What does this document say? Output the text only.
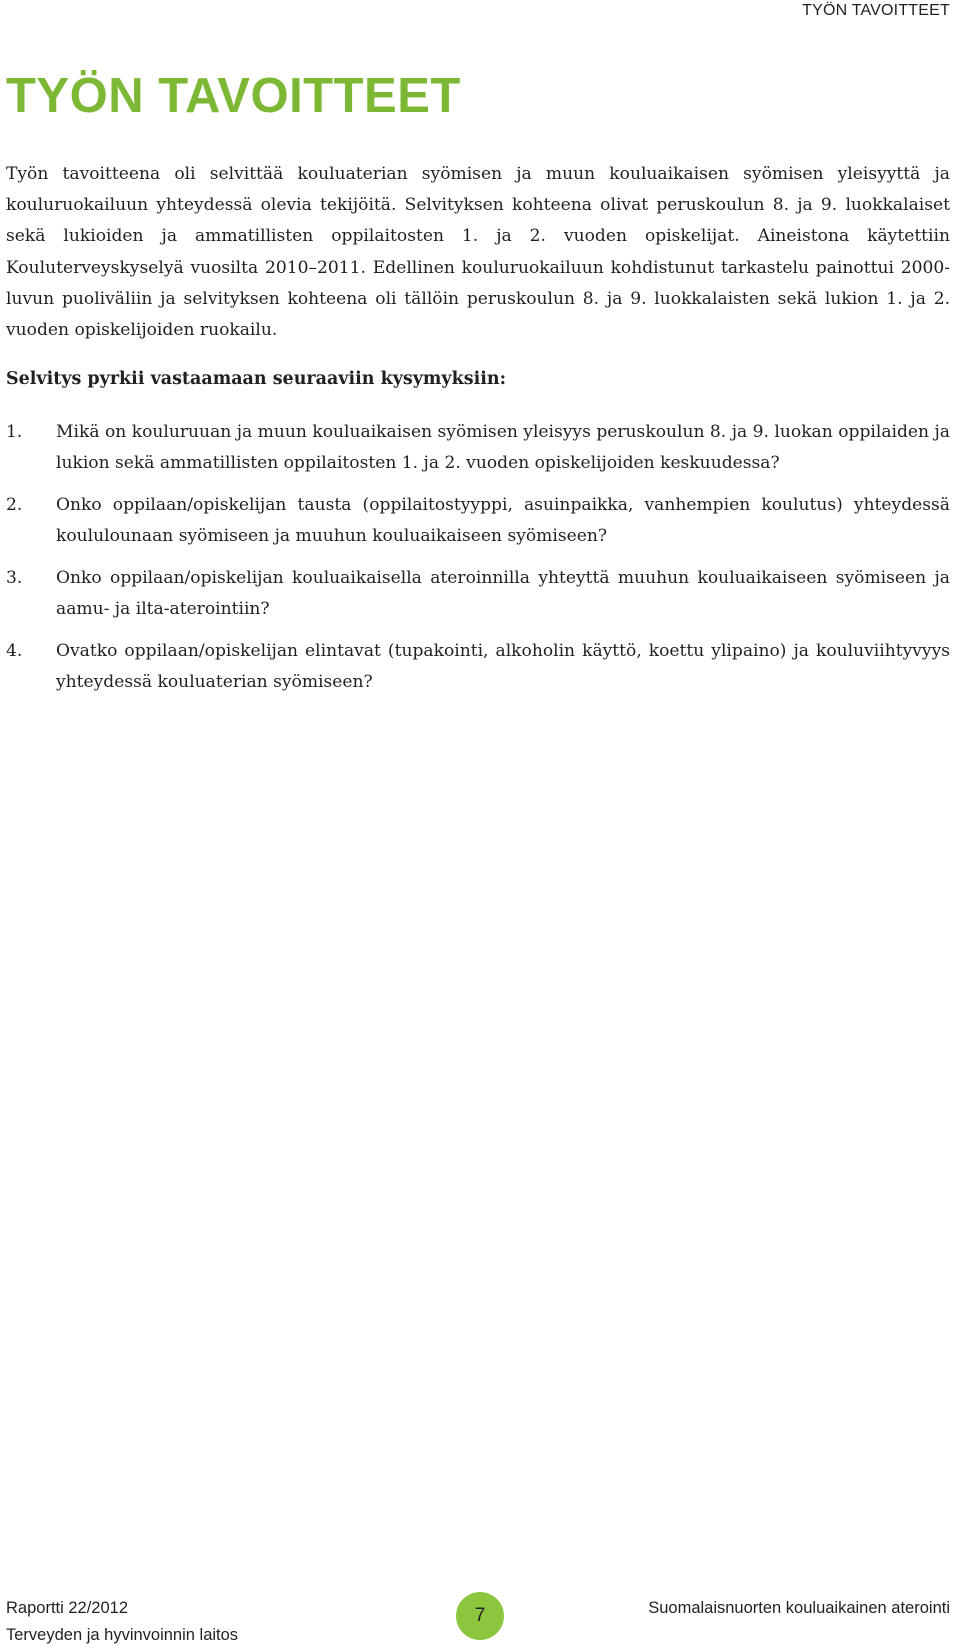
TYÖN TAVOITTEET
TYÖN TAVOITTEET

Työn tavoitteena oli selvittää kouluaterian syömisen ja muun kouluaikaisen syömisen yleisyyttä ja kouluruokailuun yhteydessä olevia tekijöitä. Selvityksen kohteena olivat peruskoulun 8. ja 9. luokkalaiset sekä lukioiden ja ammatillisten oppilaitosten 1. ja 2. vuoden opiskelijat. Aineistona käytettiin Kouluterveyskyselyä vuosilta 2010–2011. Edellinen kouluruokailuun kohdistunut tarkastelu painottui 2000-luvun puoliväliin ja selvityksen kohteena oli tällöin peruskoulun 8. ja 9. luokkalaisten sekä lukion 1. ja 2. vuoden opiskelijoiden ruokailu.

Selvitys pyrkii vastaamaan seuraaviin kysymyksiin:
1. Mikä on kouluruuan ja muun kouluaikaisen syömisen yleisyys peruskoulun 8. ja 9. luokan oppilaiden ja lukion sekä ammatillisten oppilaitosten 1. ja 2. vuoden opiskelijoiden keskuudessa?
2. Onko oppilaan/opiskelijan tausta (oppilaitostyyppi, asuinpaikka, vanhempien koulutus) yhteydessä koululounaan syömiseen ja muuhun kouluaikaiseen syömiseen?
3. Onko oppilaan/opiskelijan kouluaikaisella ateroinnilla yhteyttä muuhun kouluaikaiseen syömiseen ja aamu- ja ilta-aterointiin?
4. Ovatko oppilaan/opiskelijan elintavat (tupakointi, alkoholin käyttö, koettu ylipaino) ja kouluviihtyvyys yhteydessä kouluaterian syömiseen?
Raportti 22/2012
Terveyden ja hyvinvoinnin laitos
7	Suomalaisnuorten kouluaikainen aterointi
